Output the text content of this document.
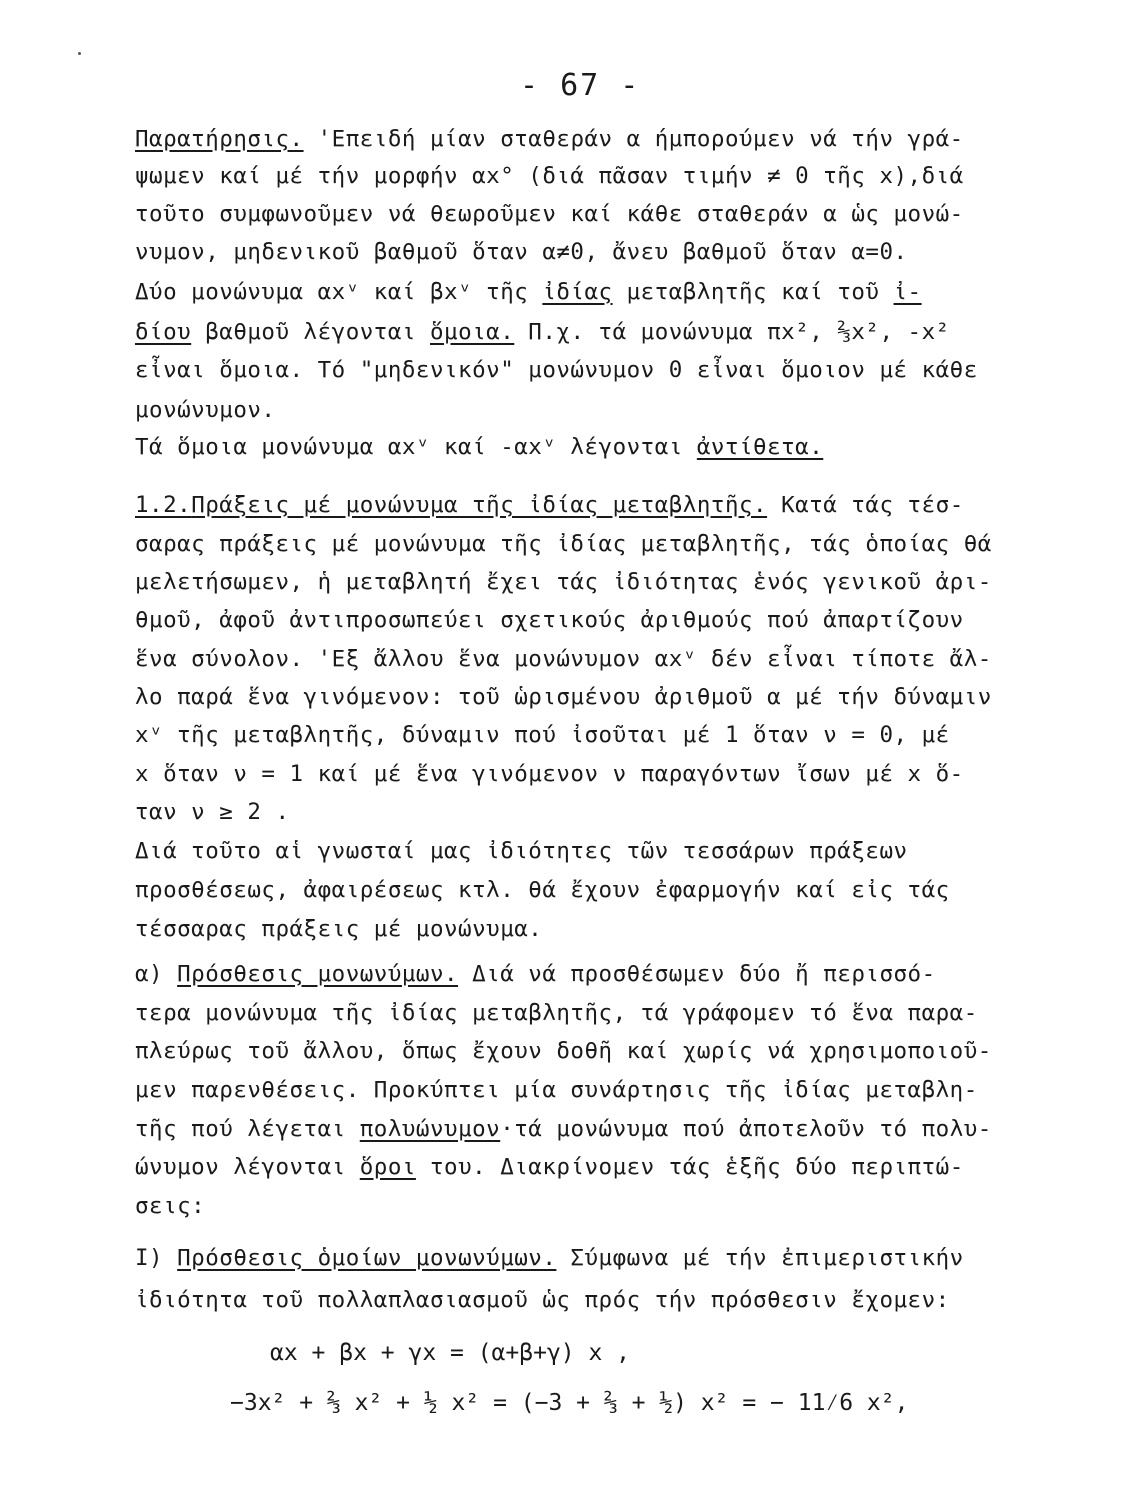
- 67 -
Παρατήρησις. 'Επειδή μίαν σταθεράν α ήμπορούμεν νά τήν γρά-
ψωμεν καί μέ τήν μορφήν αx° (διά πᾶσαν τιμήν ≠ 0 τῆς x),διά
τοῦτο συμφωνοῦμεν νά θεωροῦμεν καί κάθε σταθεράν α ὡς μονώ-
νυμον, μηδενικοῦ βαθμοῦ ὅταν α≠0, ἄνευ βαθμοῦ ὅταν α=0.
Δύο μονώνυμα αxᵛ καί βxᵛ τῆς ἰδίας μεταβλητῆς καί τοῦ ἰ-
δίου βαθμοῦ λέγονται ὅμοια. Π.χ. τά μονώνυμα πx², ⅔x², -x²
εἶναι ὅμοια. Τό "μηδενικόν" μονώνυμον 0 εἶναι ὅμοιον μέ κάθε
μονώνυμον.
Τά ὅμοια μονώνυμα αxᵛ καί -αxᵛ λέγονται ἀντίθετα.
1.2.Πράξεις μέ μονώνυμα τῆς ἰδίας μεταβλητῆς. Κατά τάς τέσ-
σαρας πράξεις μέ μονώνυμα τῆς ἰδίας μεταβλητῆς, τάς ὁποίας θά
μελετήσωμεν, ἡ μεταβλητή ἔχει τάς ἰδιότητας ἑνός γενικοῦ ἀρι-
θμοῦ, ἀφοῦ ἀντιπροσωπεύει σχετικούς ἀριθμούς πού ἀπαρτίζουν
ἕνα σύνολον. 'Εξ ἄλλου ἕνα μονώνυμον αxᵛ δέν εἶναι τίποτε ἄλ-
λο παρά ἕνα γινόμενον: τοῦ ὡρισμένου ἀριθμοῦ α μέ τήν δύναμιν
xᵛ τῆς μεταβλητῆς, δύναμιν πού ἰσοῦται μέ 1 ὅταν ν = 0, μέ
x ὅταν ν = 1 καί μέ ἕνα γινόμενον ν παραγόντων ἴσων μέ x ὅ-
ταν ν ≥ 2 .
Διά τοῦτο αἱ γνωσταί μας ἰδιότητες τῶν τεσσάρων πράξεων
προσθέσεως, ἀφαιρέσεως κτλ. θά ἔχουν ἐφαρμογήν καί εἰς τάς
τέσσαρας πράξεις μέ μονώνυμα.
α) Πρόσθεσις μονωνύμων. Διά νά προσθέσωμεν δύο ἤ περισσό-
τερα μονώνυμα τῆς ἰδίας μεταβλητῆς, τά γράφομεν τό ἕνα παρα-
πλεύρως τοῦ ἄλλου, ὅπως ἔχουν δοθῆ καί χωρίς νά χρησιμοποιοῦ-
μεν παρενθέσεις. Προκύπτει μία συνάρτησις τῆς ἰδίας μεταβλη-
τῆς πού λέγεται πολυώνυμον·τά μονώνυμα πού ἀποτελοῦν τό πολυ-
ώνυμον λέγονται ὅροι του. Διακρίνομεν τάς ἑξῆς δύο περιπτώ-
σεις:
I) Πρόσθεσις ὁμοίων μονωνύμων. Σύμφωνα μέ τήν ἐπιμεριστικήν
ἰδιότητα τοῦ πολλαπλασιασμοῦ ὡς πρός τήν πρόσθεσιν ἔχομεν:
αx + βx + γx = (α+β+γ) x ,
−3x² + ⅔ x² + ½ x² = (−3 + ⅔ + ½) x² = − 11⁄6 x²,
